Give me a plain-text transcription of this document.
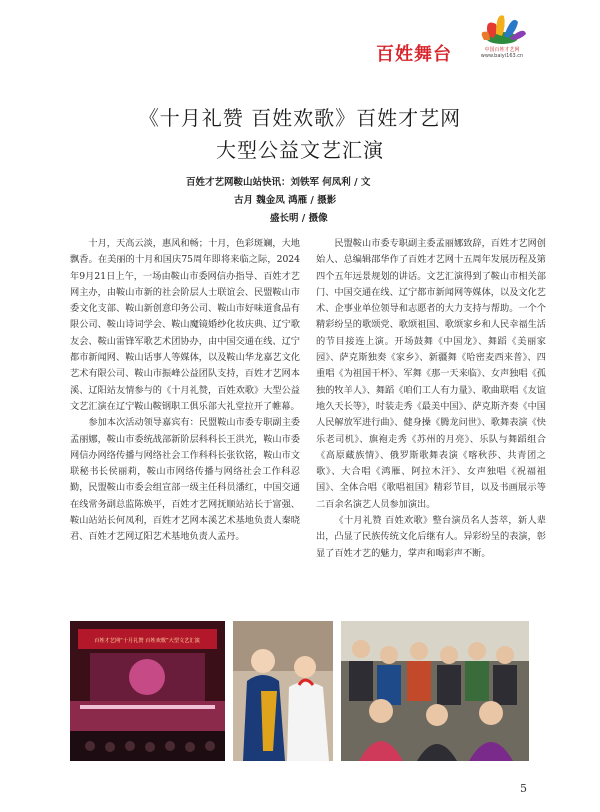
百姓舞台	中国百姓才艺网
www.baiyi163.cn
《十月礼赞 百姓欢歌》百姓才艺网
大型公益文艺汇演
百姓才艺网鞍山站快讯：刘铁军 何凤利 / 文
古月 魏金凤 鸿雁 / 摄影
盛长明 / 摄像

十月，天高云淡，惠风和畅；十月，色彩斑斓，大地飘香。在美丽的十月和国庆75周年即将来临之际，2024年9月21日上午，一场由鞍山市委网信办指导、百姓才艺网主办，由鞍山市新的社会阶层人士联谊会、民盟鞍山市委文化支部、鞍山新创意印务公司、鞍山市好味道食品有限公司、鞍山诗词学会、鞍山魔镜婚纱化妆庆典、辽宁歌友会、鞍山雷锋军歌艺术团协办，由中国交通在线、辽宁都市新闻网、鞍山话事人等媒体，以及鞍山华龙嘉艺文化艺术有限公司、鞍山市振峰公益团队支持，百姓才艺网本溪、辽阳站友情参与的《十月礼赞，百姓欢歌》大型公益文艺汇演在辽宁鞍山鞍钢职工俱乐部大礼堂拉开了帷幕。

参加本次活动领导嘉宾有：民盟鞍山市委专职副主委孟丽娜，鞍山市委统战部新阶层科科长王洪光，鞍山市委网信办网络传播与网络社会工作科科长张钦铭，鞍山市文联秘书长侯丽莉，鞍山市网络传播与网络社会工作科忍勤，民盟鞍山市委会组宣部一级主任科员潘红，中国交通在线常务副总监陈焕平，百姓才艺网抚顺站站长于富强、鞍山站站长何凤利，百姓才艺网本溪艺术基地负责人秦晓君、百姓才艺网辽阳艺术基地负责人孟丹。

民盟鞍山市委专职副主委孟丽娜致辞，百姓才艺网创始人、总编辑邵华作了百姓才艺网十五周年发展历程及第四个五年远景规划的讲话。文艺汇演得到了鞍山市相关部门、中国交通在线、辽宁都市新闻网等媒体，以及文化艺术、企事业单位领导和志愿者的大力支持与帮助。一个个精彩纷呈的歌颂党、歌颂祖国、歌颂家乡和人民幸福生活的节目接连上演。开场鼓舞《中国龙》、舞蹈《美丽家园》、萨克斯独奏《家乡》、新疆舞《哈密麦西来普》、四重唱《为祖国干杯》、军舞《那一天来临》、女声独唱《孤独的牧羊人》、舞蹈《咱们工人有力量》、歌曲联唱《友谊地久天长等》，时装走秀《最美中国》、萨克斯齐奏《中国人民解放军进行曲》、健身操《腾龙问世》、歌舞表演《快乐老司机》、旗袍走秀《苏州的月亮》、乐队与舞蹈组合《高原藏族情》、俄罗斯歌舞表演《喀秋莎、共青团之歌》、大合唱《鸿雁、阿拉木汗》、女声独唱《祝福祖国》、全体合唱《歌唱祖国》精彩节目，以及书画展示等二百余名演艺人员参加演出。

《十月礼赞 百姓欢歌》整台演员名人荟萃，新人辈出，凸显了民族传统文化后继有人。异彩纷呈的表演，彰显了百姓才艺的魅力，掌声和喝彩声不断。

百姓才艺网“十月礼赞 百姓欢歌”大型文艺汇演
5
